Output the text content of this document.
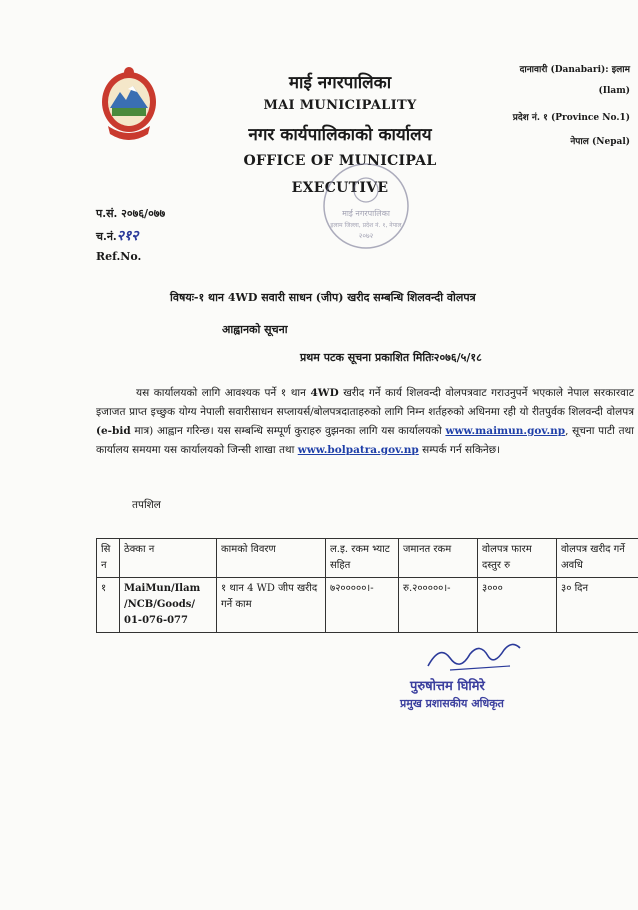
माई नगरपालिका
MAI MUNICIPALITY
नगर कार्यपालिकाको कार्यालय
OFFICE OF MUNICIPAL
EXECUTIVE
दानावारी (Danabari): इलाम
(Ilam)
प्रदेश नं. १ (Province No.1)
नेपाल (Nepal)
माई नगरपालिका
इलाम जिल्ला, प्रदेश नं. १, नेपाल
२०७२
प.सं. २०७६/०७७
च.नं.२१२
Ref.No.
विषयः-१ थान 4WD सवारी साधन (जीप) खरीद सम्बन्धि शिलवन्दी वोलपत्र
आह्वानको सूचना
प्रथम पटक सूचना प्रकाशित मितिः२०७६/५/१८
यस कार्यालयको लागि आवश्यक पर्ने १ थान 4WD खरीद गर्ने कार्य शिलवन्दी वोलपत्रवाट गराउनुपर्ने भएकाले नेपाल सरकारवाट इजाजत प्राप्त इच्छुक योग्य नेपाली सवारीसाधन सप्लायर्स/बोलपत्रदाताहरुको लागि निम्न शर्तहरुको अधिनमा रही यो रीतपुर्वक शिलवन्दी वोलपत्र (e-bid मात्र) आह्वान गरिन्छ। यस सम्बन्धि सम्पूर्ण कुराहरु वुझनका लागि यस कार्यालयको www.maimun.gov.np, सूचना पाटी तथा कार्यालय समयमा यस कार्यालयको जिन्सी शाखा तथा www.bolpatra.gov.np सम्पर्क गर्न सकिनेछ।
तपशिल
सि न	ठेक्का न	कामको विवरण	ल.इ. रकम भ्याट सहित	जमानत रकम	वोलपत्र फारम दस्तुर रु	वोलपत्र खरीद गर्ने अवधि
१	MaiMun/Ilam /NCB/Goods/ 01-076-077	१ थान 4 WD जीप खरीद गर्ने काम	७२०००००।-	रु.२०००००।-	३०००	३० दिन
पुरुषोत्तम घिमिरे
प्रमुख प्रशासकीय अधिकृत
